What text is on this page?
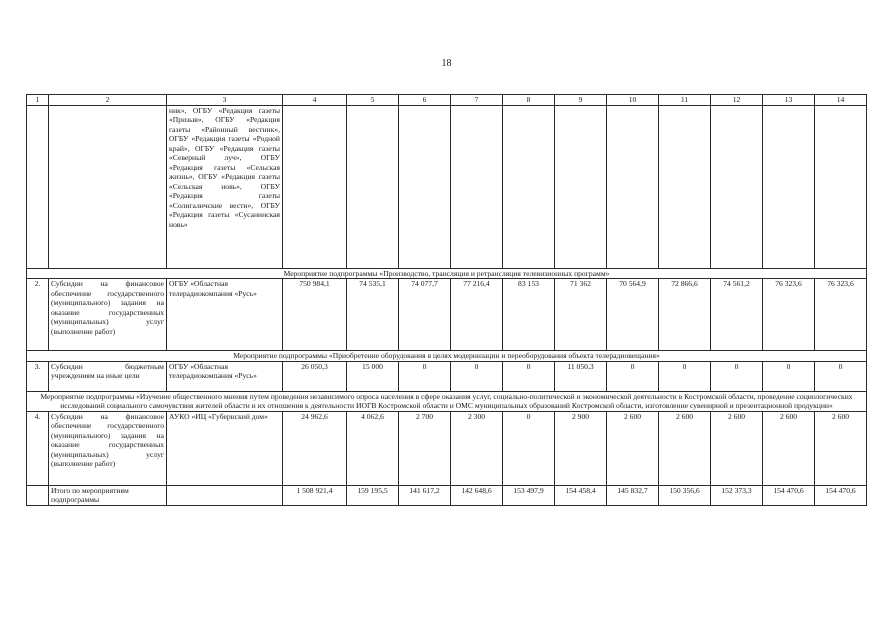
18
1	2	3	4	5	6	7	8	9	10	11	12	13	14
		ник», ОГБУ «Редакция газеты «Призыв», ОГБУ «Редакция газеты «Районный вестник», ОГБУ «Редакция газеты «Родной край», ОГБУ «Редакция газеты «Северный луч», ОГБУ «Редакция газеты «Сельская жизнь», ОГБУ «Редакция газеты «Сельская новь», ОГБУ «Редакция газеты «Солигаличские вести», ОГБУ «Редакция газеты «Сусанинская новь»											
Мероприятие подпрограммы «Производство, трансляция и ретрансляция телевизионных программ»													
2.	Субсидии на финансовое обеспечение государственного (муниципального) задания на оказание государственных (муниципальных) услуг (выполнение работ)	ОГБУ «Областная телерадиокомпания «Русь»	750 984,1	74 535,1	74 077,7	77 216,4	83 153	71 362	70 564,9	72 866,6	74 561,2	76 323,6	76 323,6
Мероприятие подпрограммы «Приобретение оборудования в целях модернизации и переоборудования объекта телерадиовещания»													
3.	Субсидии бюджетным учреждениям на иные цели	ОГБУ «Областная телерадиокомпания «Русь»	26 050,3	15 000	0	0	0	11 050,3	0	0	0	0	0
Мероприятие подпрограммы «Изучение общественного мнения путем проведения независимого опроса населения в сфере оказания услуг, социально-политической и экономической деятельности в Костромской области, проведение социологических исследований социального самочувствия жителей области и их отношения к деятельности ИОГВ Костромской области и ОМС муниципальных образований Костромской области, изготовление сувенирной и презентационной продукции»													
4.	Субсидии на финансовое обеспечение государственного (муниципального) задания на оказание государственных (муниципальных) услуг (выполнение работ)	АУКО «ИЦ «Губернский дом»	24 962,6	4 062,6	2 700	2 300	0	2 900	2 600	2 600	2 600	2 600	2 600
	Итого по мероприятиям подпрограммы		1 508 921,4	159 195,5	141 617,2	142 648,6	153 497,9	154 458,4	145 832,7	150 356,6	152 373,3	154 470,6	154 470,6
